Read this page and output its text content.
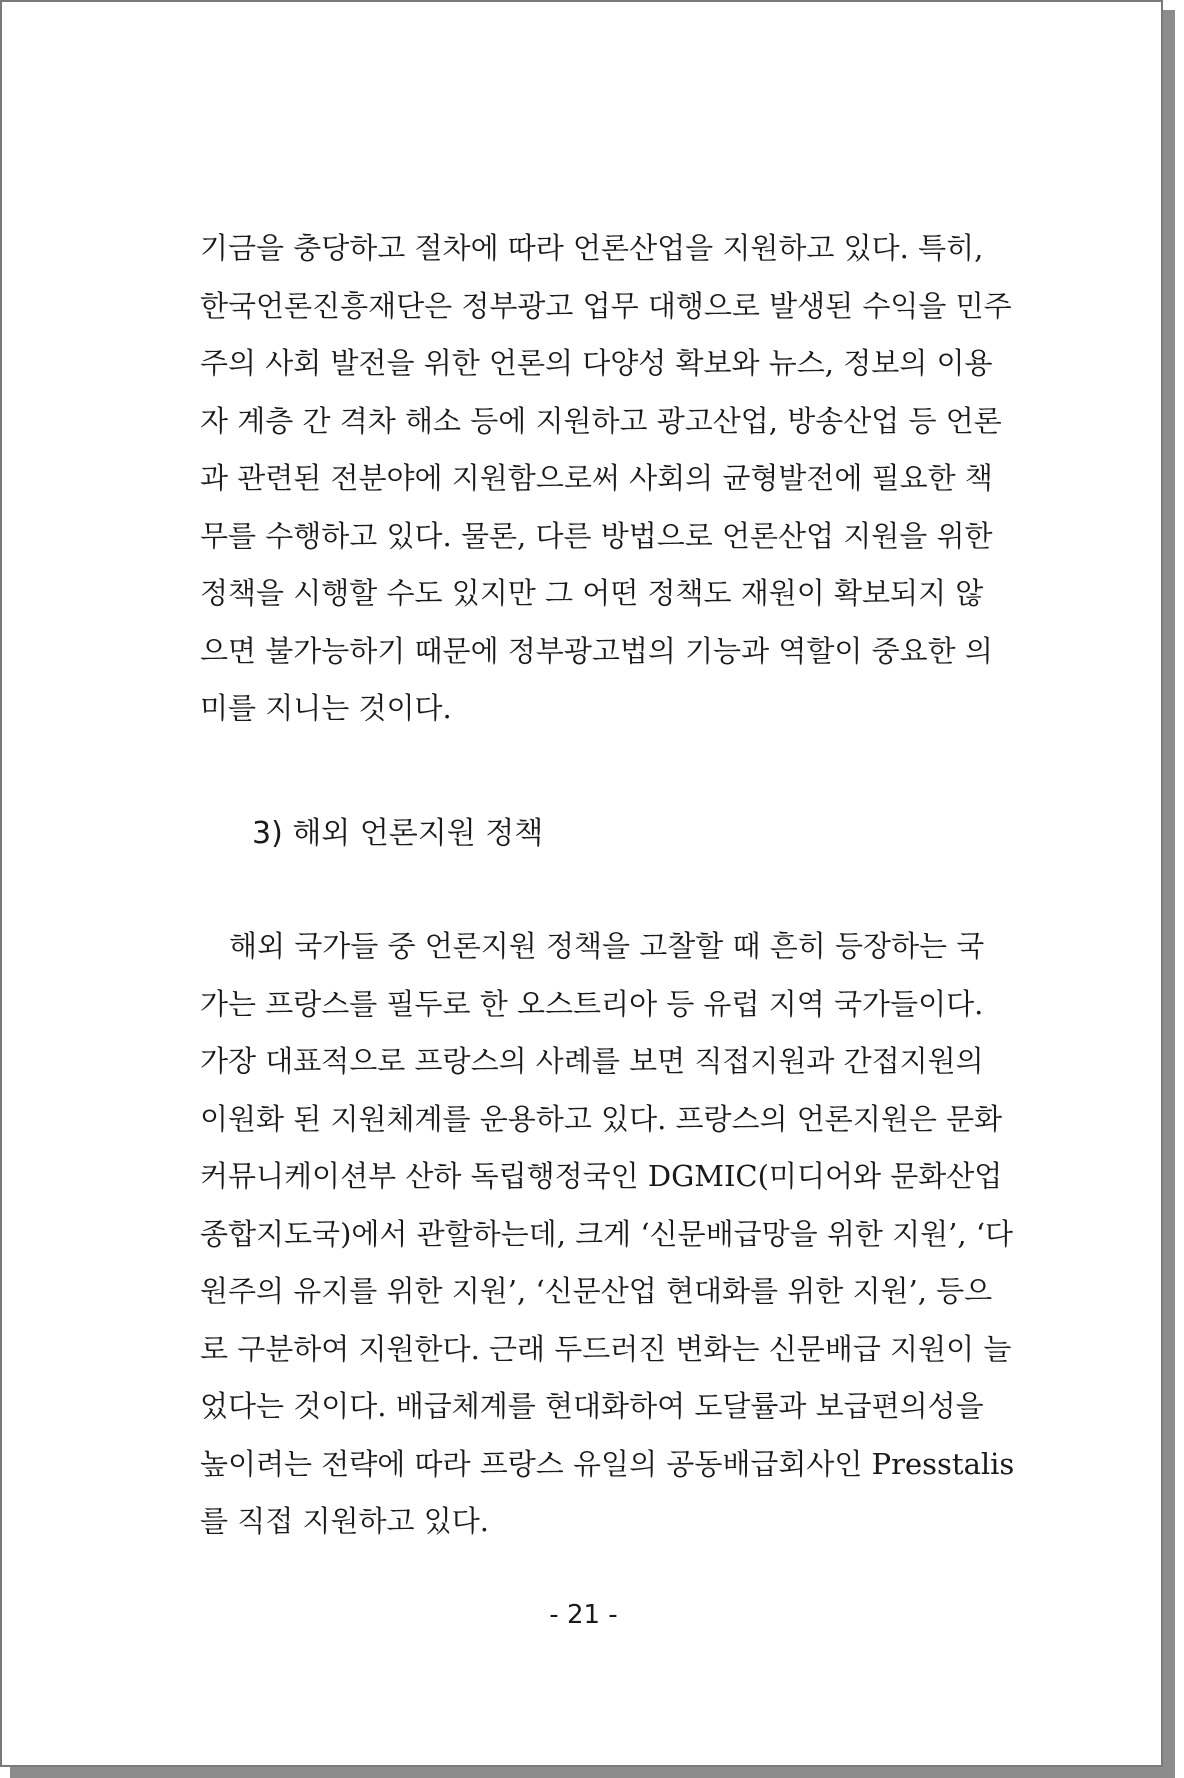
기금을 충당하고 절차에 따라 언론산업을 지원하고 있다. 특히,
한국언론진흥재단은 정부광고 업무 대행으로 발생된 수익을 민주
주의 사회 발전을 위한 언론의 다양성 확보와 뉴스, 정보의 이용
자 계층 간 격차 해소 등에 지원하고 광고산업, 방송산업 등 언론
과 관련된 전분야에 지원함으로써 사회의 균형발전에 필요한 책
무를 수행하고 있다. 물론, 다른 방법으로 언론산업 지원을 위한
정책을 시행할 수도 있지만 그 어떤 정책도 재원이 확보되지 않
으면 불가능하기 때문에 정부광고법의 기능과 역할이 중요한 의
미를 지니는 것이다.
3) 해외 언론지원 정책
해외 국가들 중 언론지원 정책을 고찰할 때 흔히 등장하는 국
가는 프랑스를 필두로 한 오스트리아 등 유럽 지역 국가들이다.
가장 대표적으로 프랑스의 사례를 보면 직접지원과 간접지원의
이원화 된 지원체계를 운용하고 있다. 프랑스의 언론지원은 문화
커뮤니케이션부 산하 독립행정국인 DGMIC(미디어와 문화산업
종합지도국)에서 관할하는데, 크게 ‘신문배급망을 위한 지원’, ‘다
원주의 유지를 위한 지원’, ‘신문산업 현대화를 위한 지원’, 등으
로 구분하여 지원한다. 근래 두드러진 변화는 신문배급 지원이 늘
었다는 것이다. 배급체계를 현대화하여 도달률과 보급편의성을
높이려는 전략에 따라 프랑스 유일의 공동배급회사인 Presstalis
를 직접 지원하고 있다.
- 21 -
